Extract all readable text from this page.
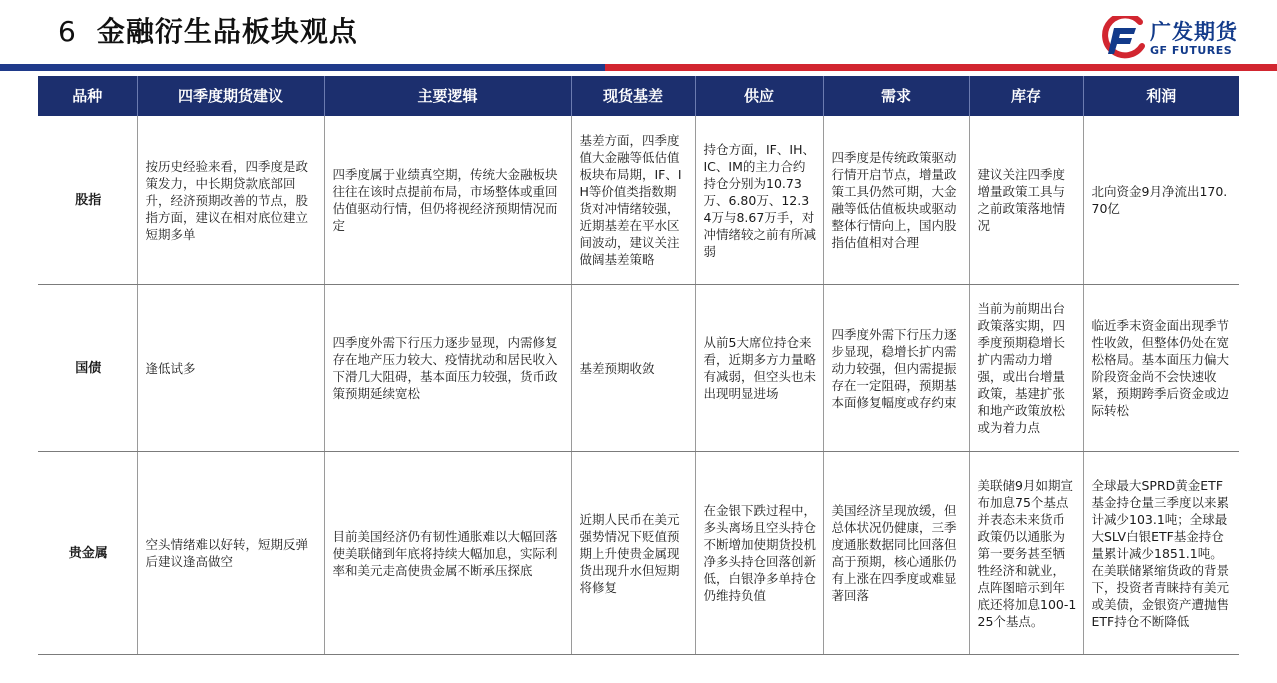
6 金融衍生品板块观点	广发期货
GF FUTURES
品种	四季度期货建议	主要逻辑	现货基差	供应	需求	库存	利润
股指	按历史经验来看，四季度是政策发力，中长期贷款底部回升，经济预期改善的节点，股指方面，建议在相对底位建立短期多单	四季度属于业绩真空期，传统大金融板块往往在该时点提前布局，市场整体或重回估值驱动行情，但仍将视经济预期情况而定	基差方面，四季度值大金融等低估值板块布局期，IF、IH等价值类指数期货对冲情绪较强，近期基差在平水区间波动，建议关注做阔基差策略	持仓方面，IF、IH、IC、IM的主力合约持仓分别为10.73万、6.80万、12.34万与8.67万手，对冲情绪较之前有所减弱	四季度是传统政策驱动行情开启节点，增量政策工具仍然可期，大金融等低估值板块或驱动整体行情向上，国内股指估值相对合理	建议关注四季度增量政策工具与之前政策落地情况	北向资金9月净流出170.70亿
国债	逢低试多	四季度外需下行压力逐步显现，内需修复存在地产压力较大、疫情扰动和居民收入下滑几大阻碍，基本面压力较强，货币政策预期延续宽松	基差预期收敛	从前5大席位持仓来看，近期多方力量略有减弱，但空头也未出现明显进场	四季度外需下行压力逐步显现，稳增长扩内需动力较强，但内需提振存在一定阻碍，预期基本面修复幅度或存约束	当前为前期出台政策落实期，四季度预期稳增长扩内需动力增强，或出台增量政策，基建扩张和地产政策放松或为着力点	临近季末资金面出现季节性收敛，但整体仍处在宽松格局。基本面压力偏大阶段资金尚不会快速收紧，预期跨季后资金或边际转松
贵金属	空头情绪难以好转，短期反弹后建议逢高做空	目前美国经济仍有韧性通胀难以大幅回落使美联储到年底将持续大幅加息，实际利率和美元走高使贵金属不断承压探底	近期人民币在美元强势情况下贬值预期上升使贵金属现货出现升水但短期将修复	在金银下跌过程中，多头离场且空头持仓不断增加使期货投机净多头持仓回落创新低，白银净多单持仓仍维持负值	美国经济呈现放缓，但总体状况仍健康，三季度通胀数据同比回落但高于预期，核心通胀仍有上涨在四季度或难显著回落	美联储9月如期宣布加息75个基点并表态未来货币政策仍以通胀为第一要务甚至牺牲经济和就业，点阵图暗示到年底还将加息100-125个基点。	全球最大SPRD黄金ETF基金持仓量三季度以来累计减少103.1吨；全球最大SLV白银ETF基金持仓量累计减少1851.1吨。在美联储紧缩货政的背景下，投资者青睐持有美元或美债，金银资产遭抛售ETF持仓不断降低
